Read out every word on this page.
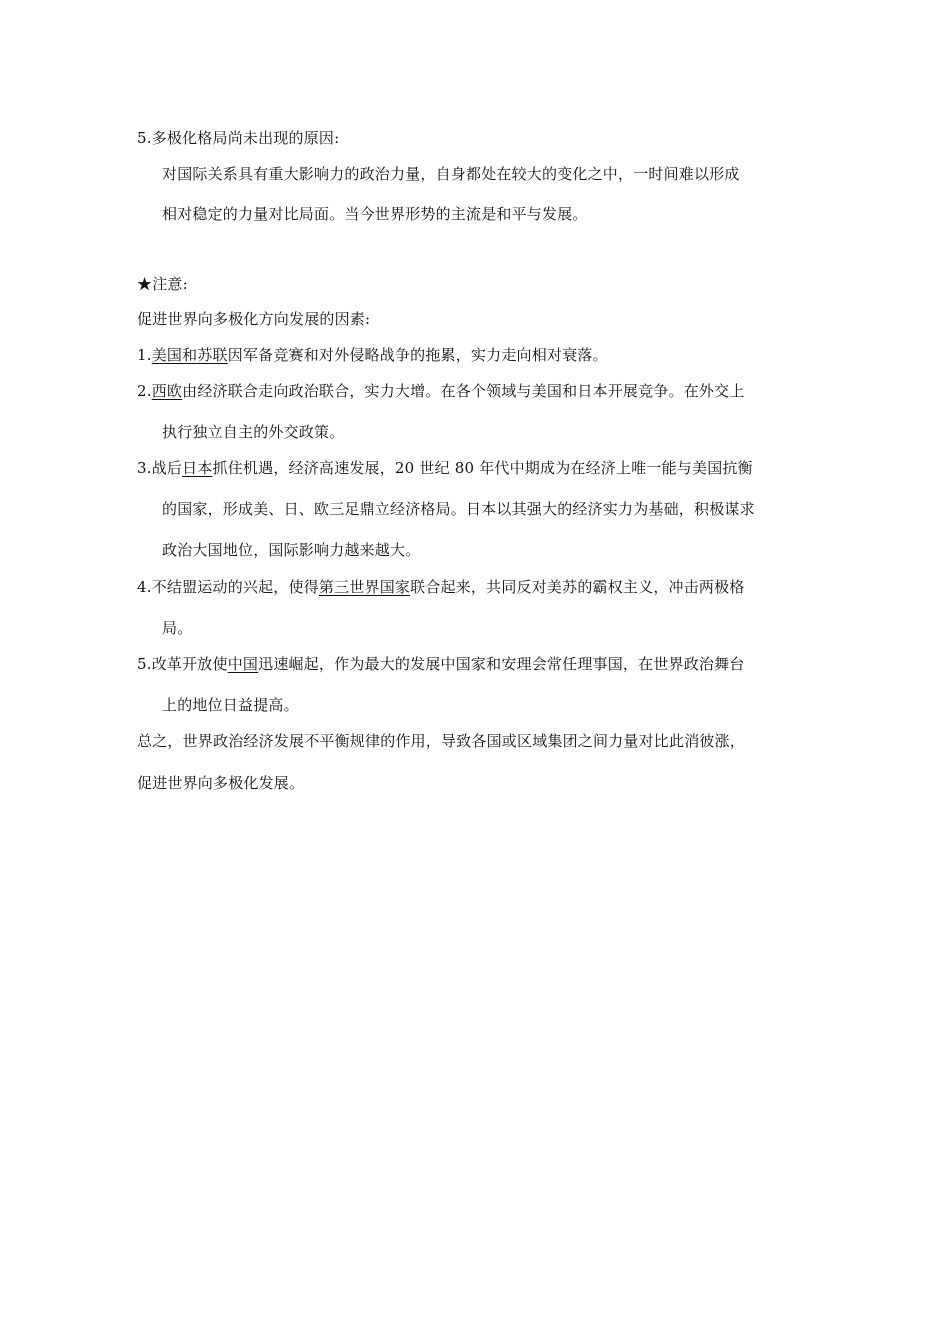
5.多极化格局尚未出现的原因:

对国际关系具有重大影响力的政治力量，自身都处在较大的变化之中，一时间难以形成

相对稳定的力量对比局面。当今世界形势的主流是和平与发展。

★注意:

促进世界向多极化方向发展的因素:

1.美国和苏联因军备竞赛和对外侵略战争的拖累，实力走向相对衰落。

2.西欧由经济联合走向政治联合，实力大增。在各个领域与美国和日本开展竞争。在外交上

执行独立自主的外交政策。

3.战后日本抓住机遇，经济高速发展，20 世纪 80 年代中期成为在经济上唯一能与美国抗衡

的国家，形成美、日、欧三足鼎立经济格局。日本以其强大的经济实力为基础，积极谋求

政治大国地位，国际影响力越来越大。

4.不结盟运动的兴起，使得第三世界国家联合起来，共同反对美苏的霸权主义，冲击两极格

局。

5.改革开放使中国迅速崛起，作为最大的发展中国家和安理会常任理事国，在世界政治舞台

上的地位日益提高。

总之，世界政治经济发展不平衡规律的作用，导致各国或区域集团之间力量对比此消彼涨，

促进世界向多极化发展。
